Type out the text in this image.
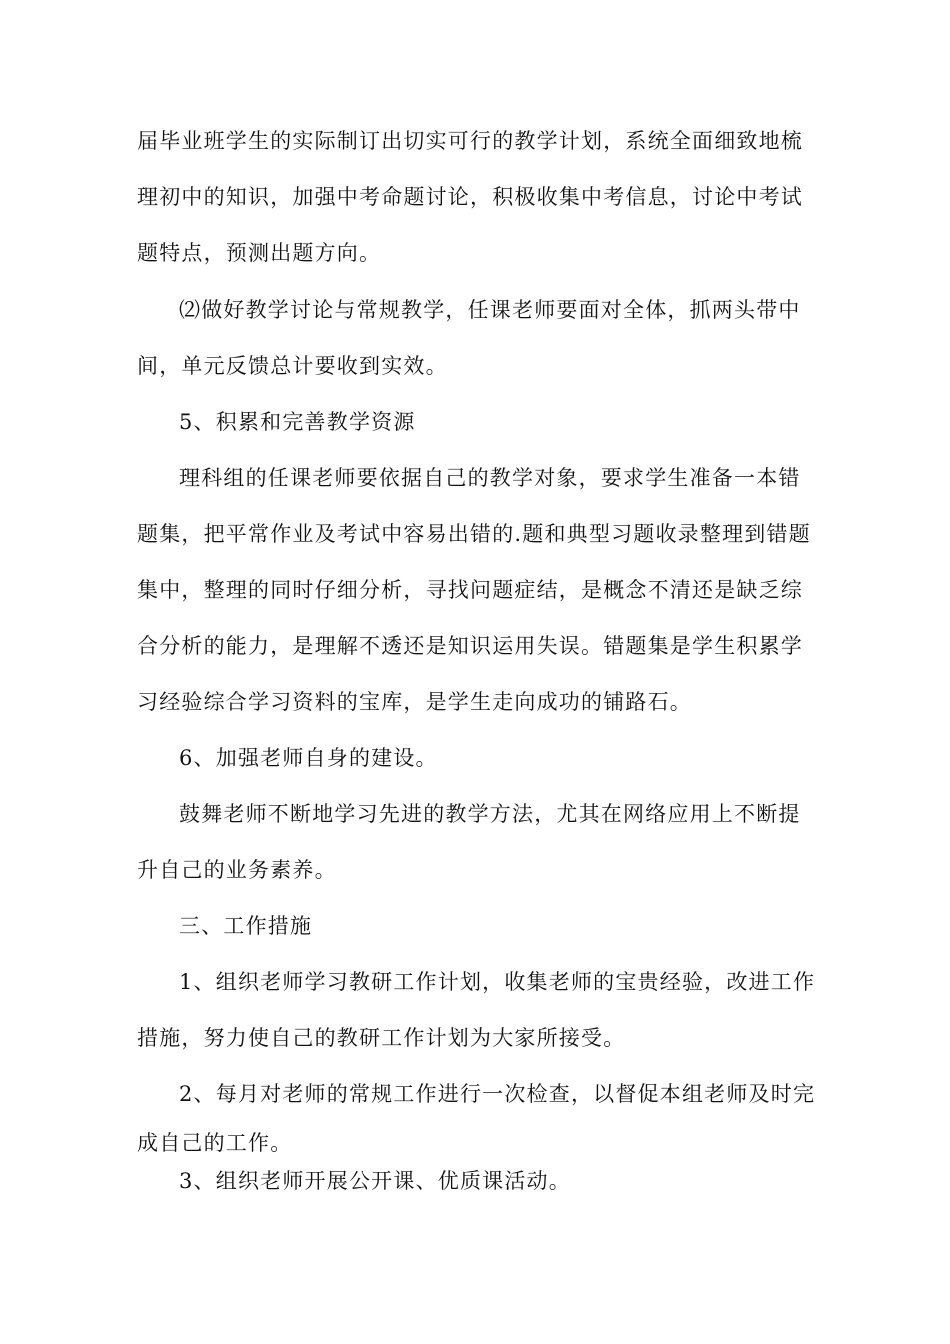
届毕业班学生的实际制订出切实可行的教学计划，系统全面细致地梳
理初中的知识，加强中考命题讨论，积极收集中考信息，讨论中考试
题特点，预测出题方向。
⑵做好教学讨论与常规教学，任课老师要面对全体，抓两头带中
间，单元反馈总计要收到实效。
5、积累和完善教学资源
理科组的任课老师要依据自己的教学对象，要求学生准备一本错
题集，把平常作业及考试中容易出错的.题和典型习题收录整理到错题
集中，整理的同时仔细分析，寻找问题症结，是概念不清还是缺乏综
合分析的能力，是理解不透还是知识运用失误。错题集是学生积累学
习经验综合学习资料的宝库，是学生走向成功的铺路石。
6、加强老师自身的建设。
鼓舞老师不断地学习先进的教学方法，尤其在网络应用上不断提
升自己的业务素养。
三、工作措施
1、组织老师学习教研工作计划，收集老师的宝贵经验，改进工作
措施，努力使自己的教研工作计划为大家所接受。
2、每月对老师的常规工作进行一次检查，以督促本组老师及时完
成自己的工作。
3、组织老师开展公开课、优质课活动。
